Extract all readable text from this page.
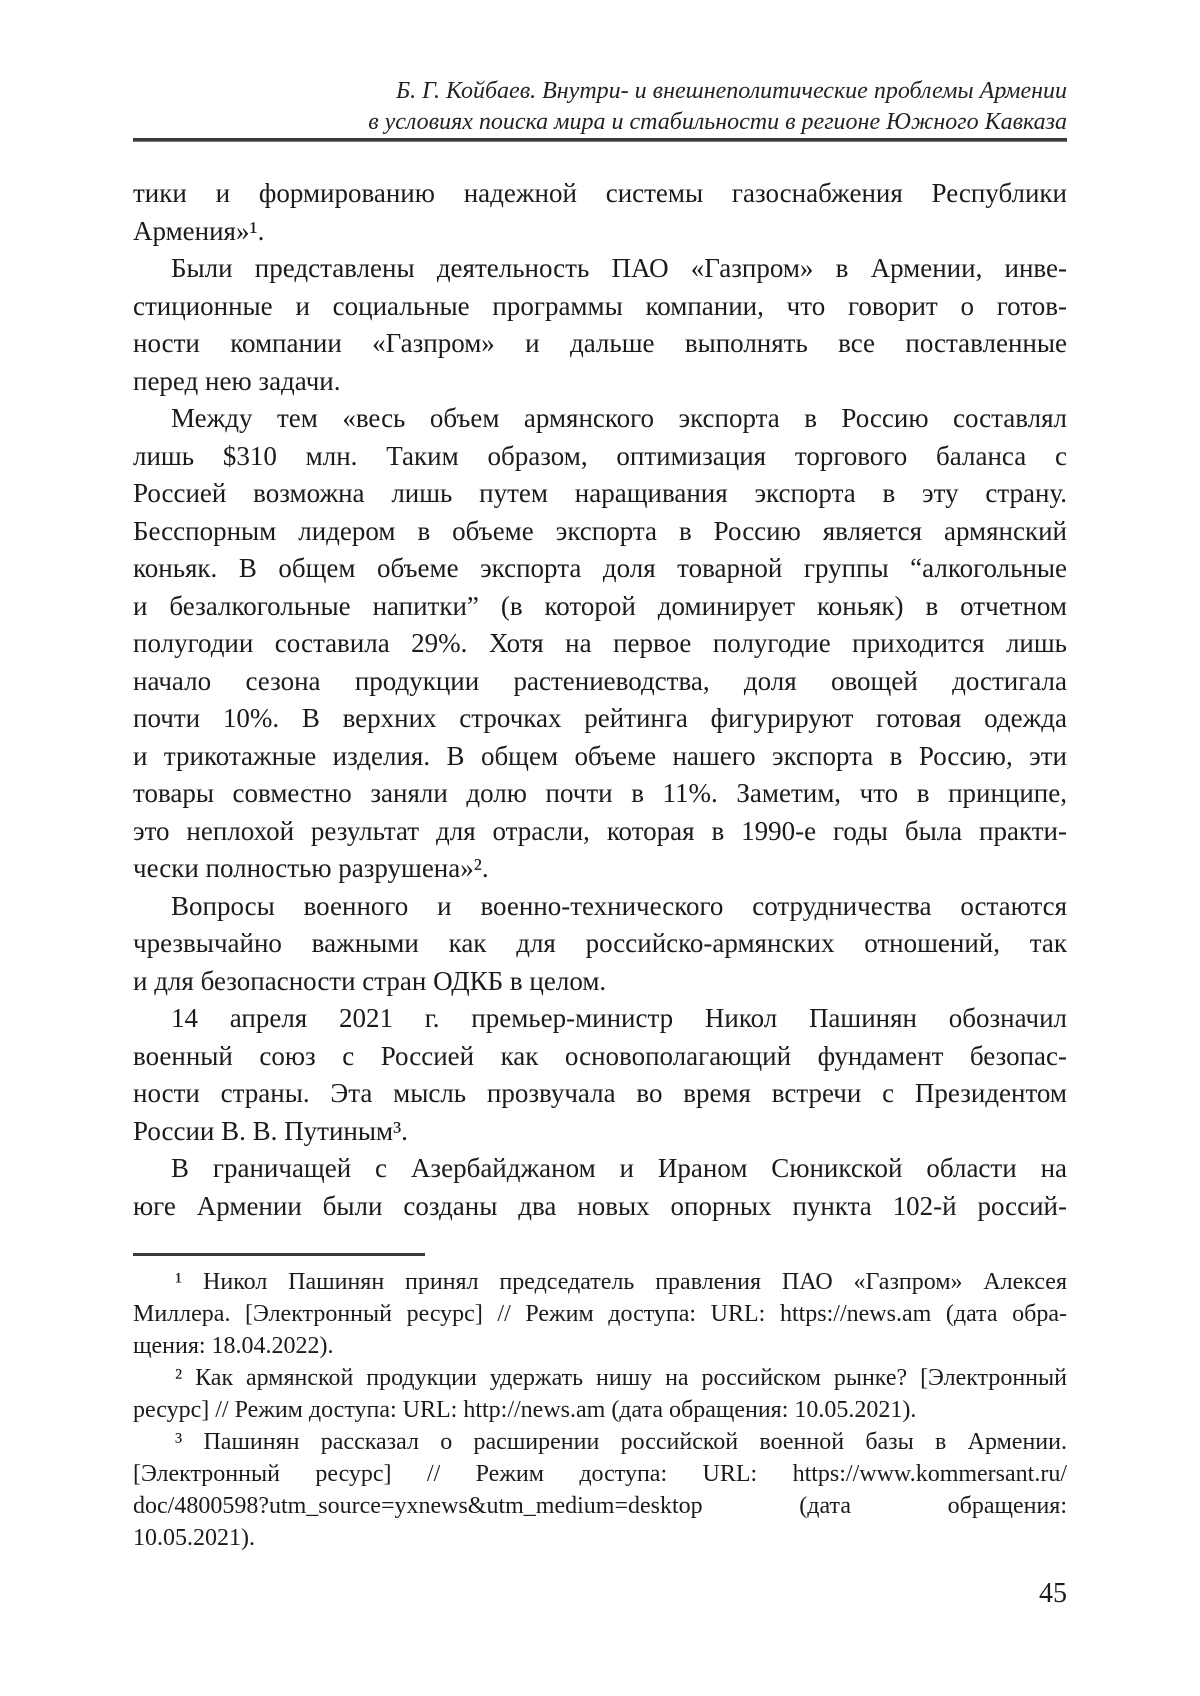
Б. Г. Койбаев. Внутри- и внешнеполитические проблемы Армении
в условиях поиска мира и стабильности в регионе Южного Кавказа
тики и формированию надежной системы газоснабжения Республики
Армения»¹.
Были представлены деятельность ПАО «Газпром» в Армении, инве-
стиционные и социальные программы компании, что говорит о готов-
ности компании «Газпром» и дальше выполнять все поставленные
перед нею задачи.
Между тем «весь объем армянского экспорта в Россию составлял
лишь $310 млн. Таким образом, оптимизация торгового баланса с
Россией возможна лишь путем наращивания экспорта в эту страну.
Бесспорным лидером в объеме экспорта в Россию является армянский
коньяк. В общем объеме экспорта доля товарной группы “алкогольные
и безалкогольные напитки” (в которой доминирует коньяк) в отчетном
полугодии составила 29%. Хотя на первое полугодие приходится лишь
начало сезона продукции растениеводства, доля овощей достигала
почти 10%. В верхних строчках рейтинга фигурируют готовая одежда
и трикотажные изделия. В общем объеме нашего экспорта в Россию, эти
товары совместно заняли долю почти в 11%. Заметим, что в принципе,
это неплохой результат для отрасли, которая в 1990-е годы была практи-
чески полностью разрушена»².
Вопросы военного и военно-технического сотрудничества остаются
чрезвычайно важными как для российско-армянских отношений, так
и для безопасности стран ОДКБ в целом.
14 апреля 2021 г. премьер-министр Никол Пашинян обозначил
военный союз с Россией как основополагающий фундамент безопас-
ности страны. Эта мысль прозвучала во время встречи с Президентом
России В. В. Путиным³.
В граничащей с Азербайджаном и Ираном Сюникской области на
юге Армении были созданы два новых опорных пункта 102-й россий-
¹ Никол Пашинян принял председатель правления ПАО «Газпром» Алексея
Миллера. [Электронный ресурс] // Режим доступа: URL: https://news.am (дата обра-
щения: 18.04.2022).
² Как армянской продукции удержать нишу на российском рынке? [Электронный
ресурс] // Режим доступа: URL: http://news.am (дата обращения: 10.05.2021).
³ Пашинян рассказал о расширении российской военной базы в Армении.
[Электронный ресурс] // Режим доступа: URL: https://www.kommersant.ru/
doc/4800598?utm_source=yxnews&utm_medium=desktop (дата обращения:
10.05.2021).
45
